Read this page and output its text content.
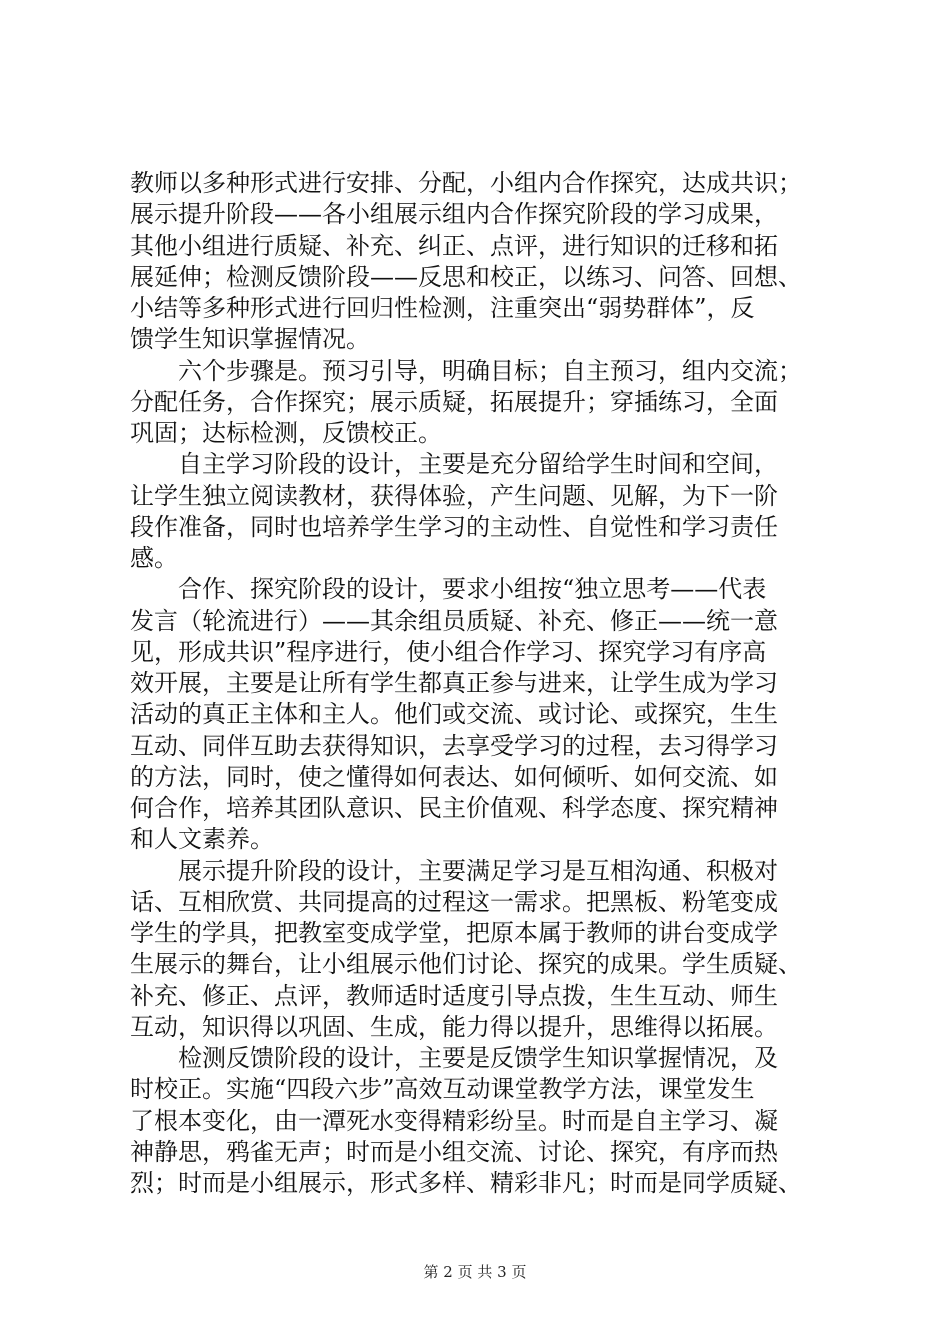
教师以多种形式进行安排、分配，小组内合作探究，达成共识；
展示提升阶段——各小组展示组内合作探究阶段的学习成果，
其他小组进行质疑、补充、纠正、点评，进行知识的迁移和拓
展延伸；检测反馈阶段——反思和校正，以练习、问答、回想、
小结等多种形式进行回归性检测，注重突出“弱势群体”，反
馈学生知识掌握情况。
六个步骤是。预习引导，明确目标；自主预习，组内交流；
分配任务，合作探究；展示质疑，拓展提升；穿插练习，全面
巩固；达标检测，反馈校正。
自主学习阶段的设计，主要是充分留给学生时间和空间，
让学生独立阅读教材，获得体验，产生问题、见解，为下一阶
段作准备，同时也培养学生学习的主动性、自觉性和学习责任
感。
合作、探究阶段的设计，要求小组按“独立思考——代表
发言（轮流进行）——其余组员质疑、补充、修正——统一意
见，形成共识”程序进行，使小组合作学习、探究学习有序高
效开展，主要是让所有学生都真正参与进来，让学生成为学习
活动的真正主体和主人。他们或交流、或讨论、或探究，生生
互动、同伴互助去获得知识，去享受学习的过程，去习得学习
的方法，同时，使之懂得如何表达、如何倾听、如何交流、如
何合作，培养其团队意识、民主价值观、科学态度、探究精神
和人文素养。
展示提升阶段的设计，主要满足学习是互相沟通、积极对
话、互相欣赏、共同提高的过程这一需求。把黑板、粉笔变成
学生的学具，把教室变成学堂，把原本属于教师的讲台变成学
生展示的舞台，让小组展示他们讨论、探究的成果。学生质疑、
补充、修正、点评，教师适时适度引导点拨，生生互动、师生
互动，知识得以巩固、生成，能力得以提升，思维得以拓展。
检测反馈阶段的设计，主要是反馈学生知识掌握情况，及
时校正。实施“四段六步”高效互动课堂教学方法，课堂发生
了根本变化，由一潭死水变得精彩纷呈。时而是自主学习、凝
神静思，鸦雀无声；时而是小组交流、讨论、探究，有序而热
烈；时而是小组展示，形式多样、精彩非凡；时而是同学质疑、
第 2 页 共 3 页
